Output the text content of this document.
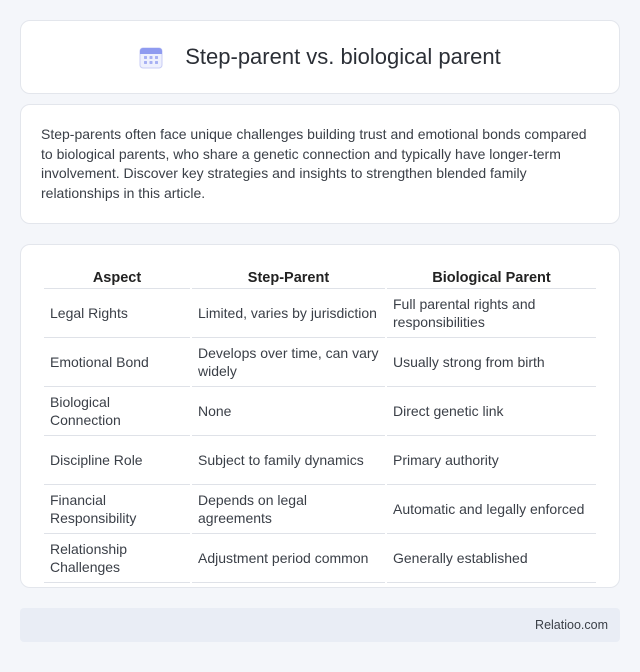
Step-parent vs. biological parent

Step-parents often face unique challenges building trust and emotional bonds compared to biological parents, who share a genetic connection and typically have longer-term involvement. Discover key strategies and insights to strengthen blended family relationships in this article.

Aspect	Step-Parent	Biological Parent
Legal Rights	Limited, varies by jurisdiction	Full parental rights and responsibilities
Emotional Bond	Develops over time, can vary widely	Usually strong from birth
Biological Connection	None	Direct genetic link
Discipline Role	Subject to family dynamics	Primary authority
Financial Responsibility	Depends on legal agreements	Automatic and legally enforced
Relationship Challenges	Adjustment period common	Generally established
Relatioo.com
